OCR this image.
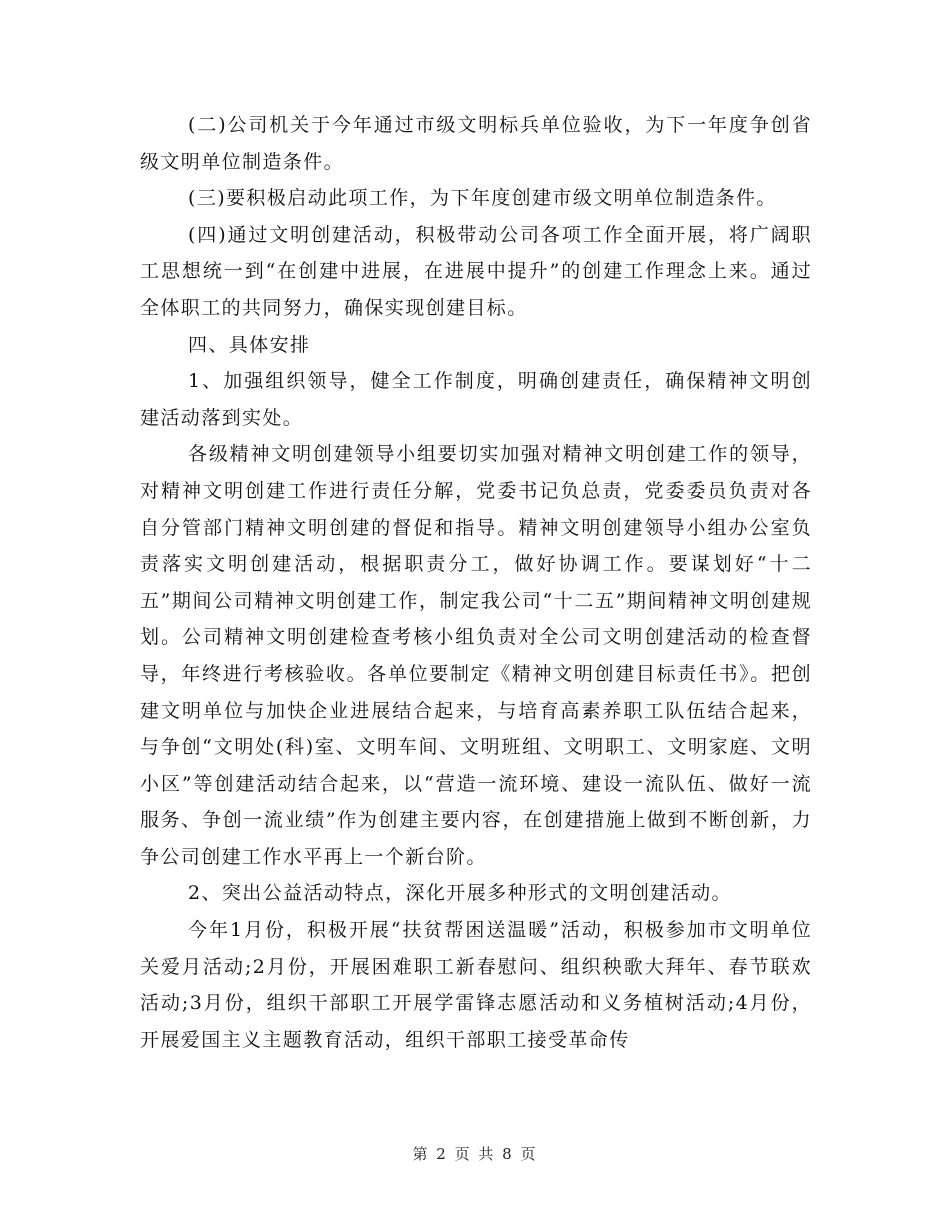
(二)公司机关于今年通过市级文明标兵单位验收，为下一年度争创省级文明单位制造条件。

(三)要积极启动此项工作，为下年度创建市级文明单位制造条件。

(四)通过文明创建活动，积极带动公司各项工作全面开展，将广阔职工思想统一到“在创建中进展，在进展中提升”的创建工作理念上来。通过全体职工的共同努力，确保实现创建目标。

四、具体安排

1、加强组织领导，健全工作制度，明确创建责任，确保精神文明创建活动落到实处。

各级精神文明创建领导小组要切实加强对精神文明创建工作的领导，对精神文明创建工作进行责任分解，党委书记负总责，党委委员负责对各自分管部门精神文明创建的督促和指导。精神文明创建领导小组办公室负责落实文明创建活动，根据职责分工，做好协调工作。要谋划好“十二五”期间公司精神文明创建工作，制定我公司“十二五”期间精神文明创建规划。公司精神文明创建检查考核小组负责对全公司文明创建活动的检查督导，年终进行考核验收。各单位要制定《精神文明创建目标责任书》。把创建文明单位与加快企业进展结合起来，与培育高素养职工队伍结合起来，与争创“文明处(科)室、文明车间、文明班组、文明职工、文明家庭、文明小区”等创建活动结合起来，以“营造一流环境、建设一流队伍、做好一流服务、争创一流业绩”作为创建主要内容，在创建措施上做到不断创新，力争公司创建工作水平再上一个新台阶。

2、突出公益活动特点，深化开展多种形式的文明创建活动。

今年1月份，积极开展“扶贫帮困送温暖”活动，积极参加市文明单位关爱月活动;2月份，开展困难职工新春慰问、组织秧歌大拜年、春节联欢活动;3月份，组织干部职工开展学雷锋志愿活动和义务植树活动;4月份，开展爱国主义主题教育活动，组织干部职工接受革命传

第 2 页 共 8 页
